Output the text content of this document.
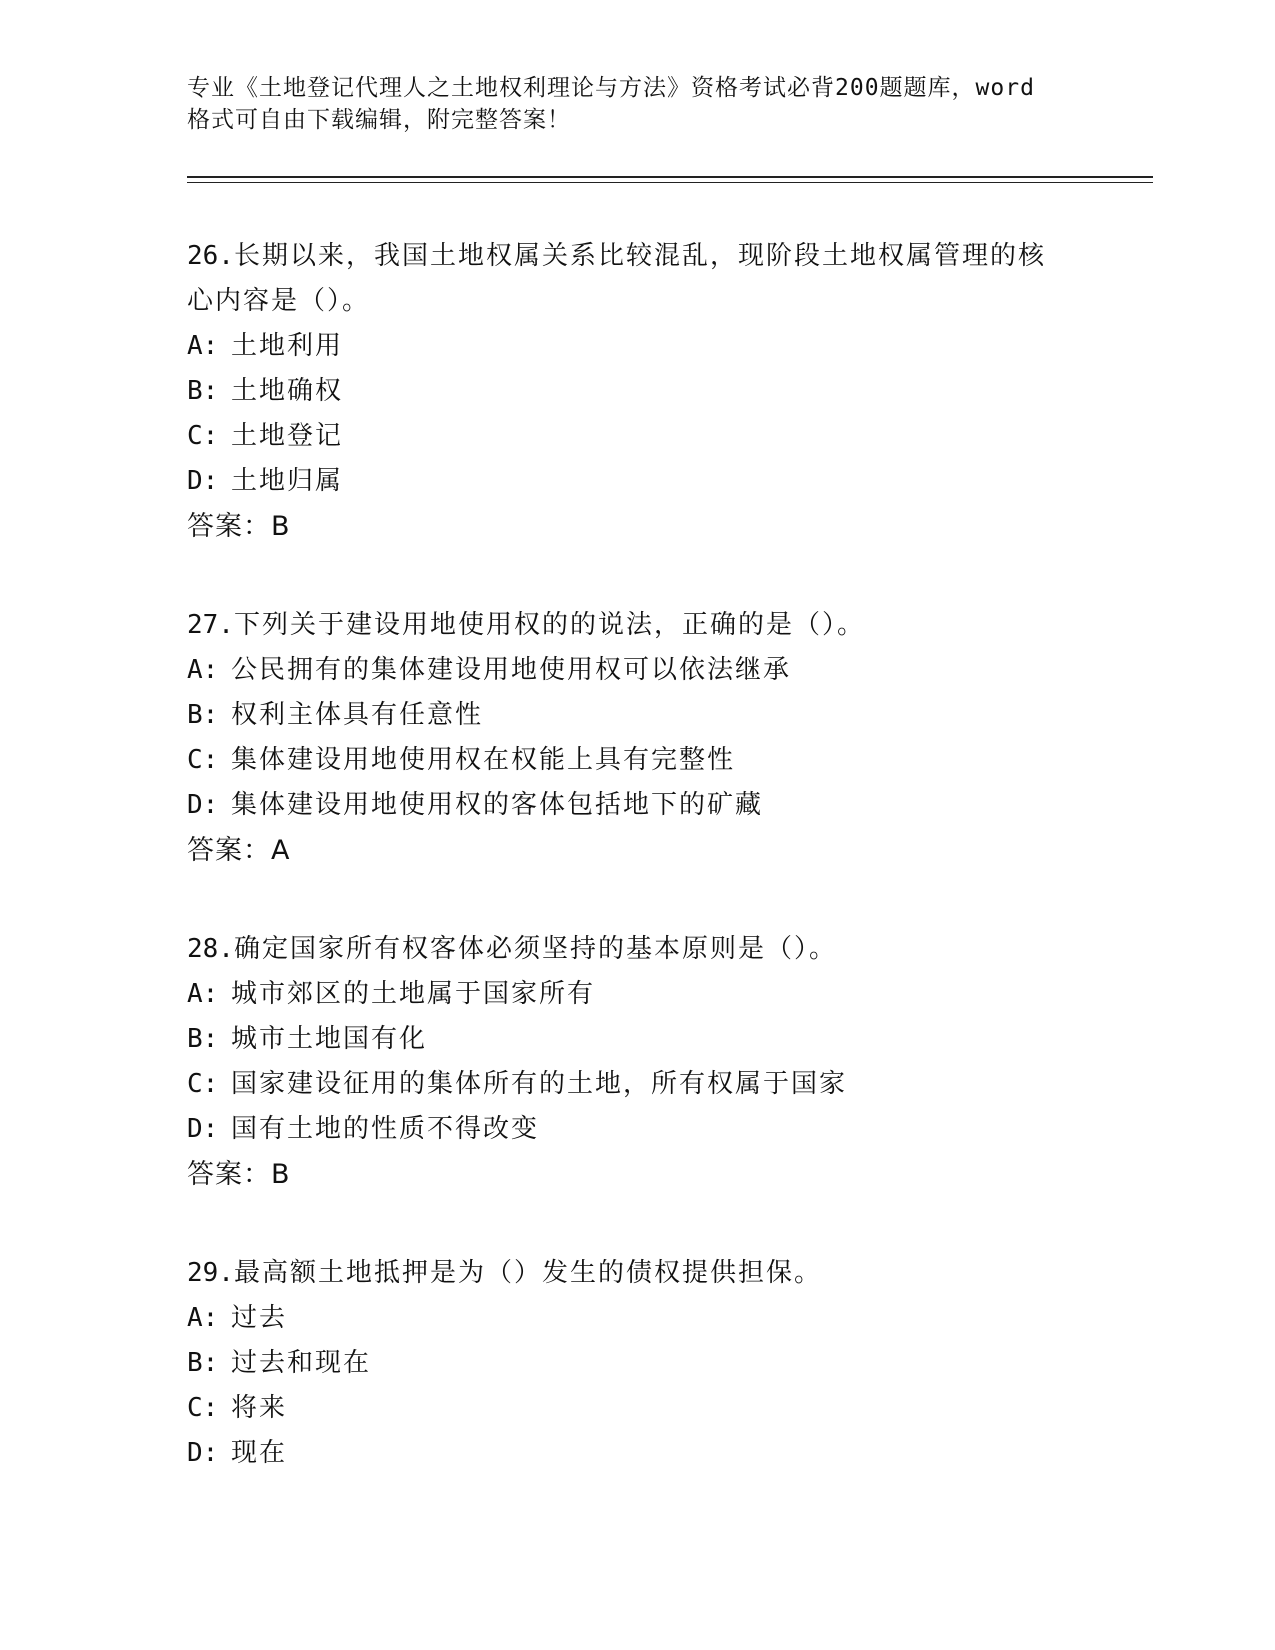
专业《土地登记代理人之土地权利理论与方法》资格考试必背200题题库，word
格式可自由下载编辑，附完整答案！
26.长期以来，我国土地权属关系比较混乱，现阶段土地权属管理的核
心内容是（）。
A: 土地利用
B: 土地确权
C: 土地登记
D: 土地归属
答案：B
27.下列关于建设用地使用权的的说法，正确的是（）。
A: 公民拥有的集体建设用地使用权可以依法继承
B: 权利主体具有任意性
C: 集体建设用地使用权在权能上具有完整性
D: 集体建设用地使用权的客体包括地下的矿藏
答案：A
28.确定国家所有权客体必须坚持的基本原则是（）。
A: 城市郊区的土地属于国家所有
B: 城市土地国有化
C: 国家建设征用的集体所有的土地，所有权属于国家
D: 国有土地的性质不得改变
答案：B
29.最高额土地抵押是为（）发生的债权提供担保。
A: 过去
B: 过去和现在
C: 将来
D: 现在
